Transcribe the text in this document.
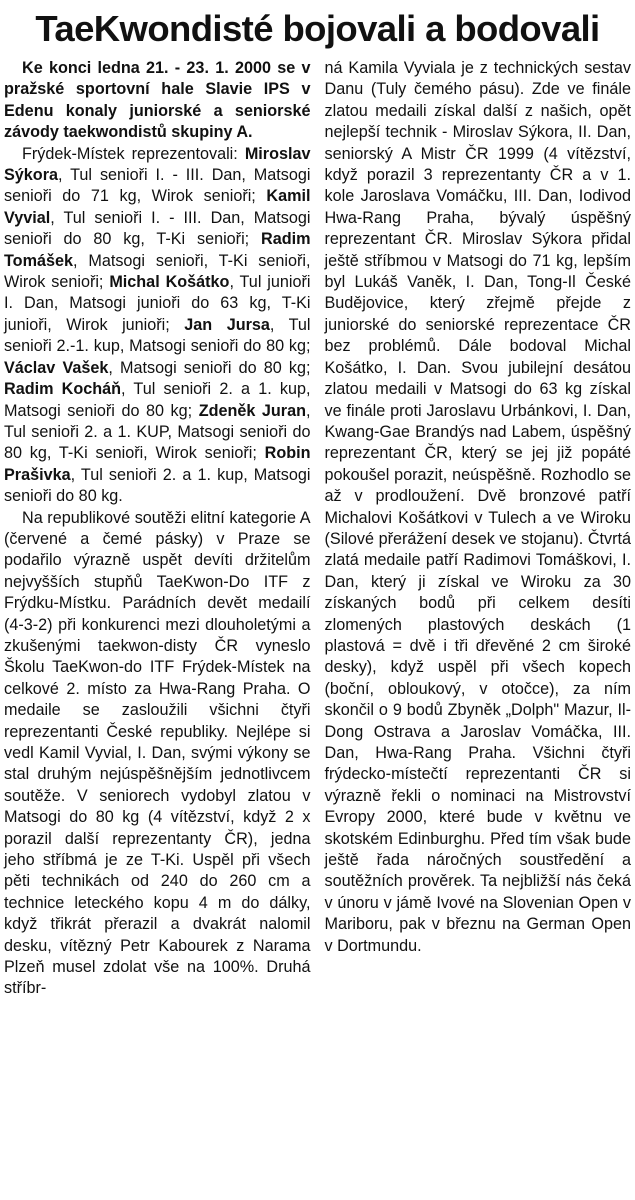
TaeKwondisté bojovali a bodovali

Ke konci ledna 21. - 23. 1. 2000 se v pražské sportovní hale Slavie IPS v Edenu konaly juniorské a seniorské závody taekwondistů skupiny A.

Frýdek-Místek reprezentovali: Miroslav Sýkora, Tul senioři I. - III. Dan, Matsogi senioři do 71 kg, Wirok senioři; Kamil Vyvial, Tul senioři I. - III. Dan, Matsogi senioři do 80 kg, T-Ki senioři; Radim Tomášek, Matsogi senioři, T-Ki senioři, Wirok senioři; Michal Košátko, Tul junioři I. Dan, Matsogi junioři do 63 kg, T-Ki junioři, Wirok junioři; Jan Jursa, Tul senioři 2.-1. kup, Matsogi senioři do 80 kg; Václav Vašek, Matsogi senioři do 80 kg; Radim Kocháň, Tul senioři 2. a 1. kup, Matsogi senioři do 80 kg; Zdeněk Juran, Tul senioři 2. a 1. KUP, Matsogi senioři do 80 kg, T-Ki senioři, Wirok senioři; Robin Prašivka, Tul senioři 2. a 1. kup, Matsogi senioři do 80 kg.

Na republikové soutěži elitní kategorie A (červené a čemé pásky) v Praze se podařilo výrazně uspět devíti držitelům nejvyšších stupňů TaeKwon-Do ITF z Frýdku-Místku. Parádních devět medailí (4-3-2) při konkurenci mezi dlouholetými a zkušenými taekwon-disty ČR vyneslo Školu TaeKwon-do ITF Frýdek-Místek na celkové 2. místo za Hwa-Rang Praha. O medaile se zasloužili všichni čtyři reprezentanti České republiky. Nejlépe si vedl Kamil Vyvial, I. Dan, svými výkony se stal druhým nejúspěšnějším jednotlivcem soutěže. V seniorech vydobyl zlatou v Matsogi do 80 kg (4 vítězství, když 2 x porazil další reprezentanty ČR), jedna jeho stříbmá je ze T-Ki. Uspěl při všech pěti technikách od 240 do 260 cm a technice leteckého kopu 4 m do dálky, když třikrát přerazil a dvakrát nalomil desku, vítězný Petr Kabourek z Narama Plzeň musel zdolat vše na 100%. Druhá stříbr-

ná Kamila Vyviala je z technických sestav Danu (Tuly čemého pásu). Zde ve finále zlatou medaili získal další z našich, opět nejlepší technik - Miroslav Sýkora, II. Dan, seniorský A Mistr ČR 1999 (4 vítězství, když porazil 3 reprezentanty ČR a v 1. kole Jaroslava Vomáčku, III. Dan, Iodivod Hwa-Rang Praha, bývalý úspěšný reprezentant ČR. Miroslav Sýkora přidal ještě stříbmou v Matsogi do 71 kg, lepším byl Lukáš Vaněk, I. Dan, Tong-Il České Budějovice, který zřejmě přejde z juniorské do seniorské reprezentace ČR bez problémů. Dále bodoval Michal Košátko, I. Dan. Svou jubilejní desátou zlatou medaili v Matsogi do 63 kg získal ve finále proti Jaroslavu Urbánkovi, I. Dan, Kwang-Gae Brandýs nad Labem, úspěšný reprezentant ČR, který se jej již popáté pokoušel porazit, neúspěšně. Rozhodlo se až v prodloužení. Dvě bronzové patří Michalovi Košátkovi v Tulech a ve Wiroku (Silové přerážení desek ve stojanu). Čtvrtá zlatá medaile patří Radimovi Tomáškovi, I. Dan, který ji získal ve Wiroku za 30 získaných bodů při celkem desíti zlomených plastových deskách (1 plastová = dvě i tři dřevěné 2 cm široké desky), když uspěl při všech kopech (boční, obloukový, v otočce), za ním skončil o 9 bodů Zbyněk „Dolph" Mazur, Il-Dong Ostrava a Jaroslav Vomáčka, III. Dan, Hwa-Rang Praha. Všichni čtyři frýdecko-místečtí reprezentanti ČR si výrazně řekli o nominaci na Mistrovství Evropy 2000, které bude v květnu ve skotském Edinburghu. Před tím však bude ještě řada náročných soustředění a soutěžních prověrek. Ta nejbližší nás čeká v únoru v jámě Ivové na Slovenian Open v Mariboru, pak v březnu na German Open v Dortmundu.
